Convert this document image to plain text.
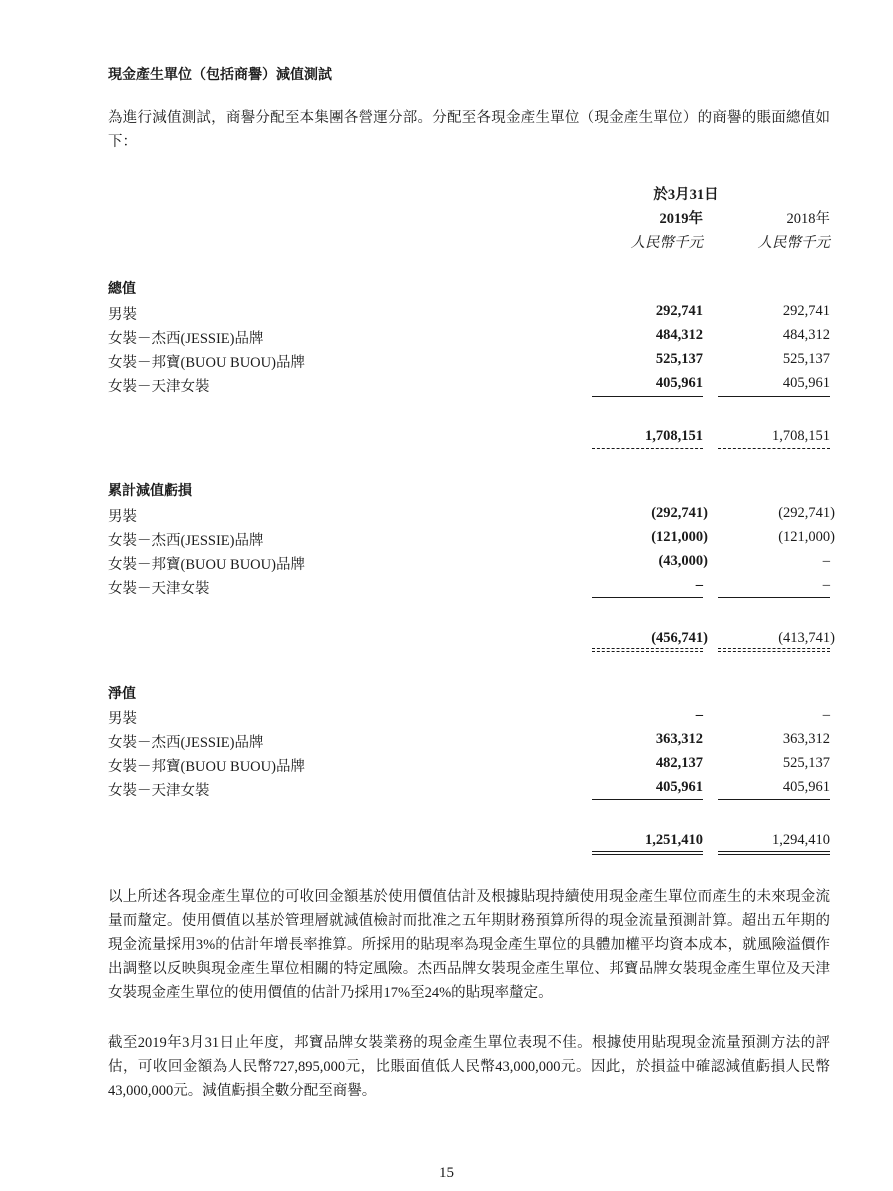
現金產生單位（包括商譽）減值測試
為進行減值測試，商譽分配至本集團各營運分部。分配至各現金產生單位（現金產生單位）的商譽的賬面總值如下：
於3月31日
2019年	2018年
人民幣千元	人民幣千元
總值
男裝	292,741	292,741
女裝－杰西(JESSIE)品牌	484,312	484,312
女裝－邦寶(BUOU BUOU)品牌	525,137	525,137
女裝－天津女裝	405,961	405,961
1,708,151	1,708,151
累計減值虧損
男裝	(292,741)	(292,741)
女裝－杰西(JESSIE)品牌	(121,000)	(121,000)
女裝－邦寶(BUOU BUOU)品牌	(43,000)	–
女裝－天津女裝	–	–
(456,741)	(413,741)
淨值
男裝	–	–
女裝－杰西(JESSIE)品牌	363,312	363,312
女裝－邦寶(BUOU BUOU)品牌	482,137	525,137
女裝－天津女裝	405,961	405,961
1,251,410	1,294,410
以上所述各現金產生單位的可收回金額基於使用價值估計及根據貼現持續使用現金產生單位而產生的未來現金流量而釐定。使用價值以基於管理層就減值檢討而批准之五年期財務預算所得的現金流量預測計算。超出五年期的現金流量採用3%的估計年增長率推算。所採用的貼現率為現金產生單位的具體加權平均資本成本，就風險溢價作出調整以反映與現金產生單位相關的特定風險。杰西品牌女裝現金產生單位、邦寶品牌女裝現金產生單位及天津女裝現金產生單位的使用價值的估計乃採用17%至24%的貼現率釐定。
截至2019年3月31日止年度，邦寶品牌女裝業務的現金產生單位表現不佳。根據使用貼現現金流量預測方法的評估，可收回金額為人民幣727,895,000元，比賬面值低人民幣43,000,000元。因此，於損益中確認減值虧損人民幣43,000,000元。減值虧損全數分配至商譽。
15
